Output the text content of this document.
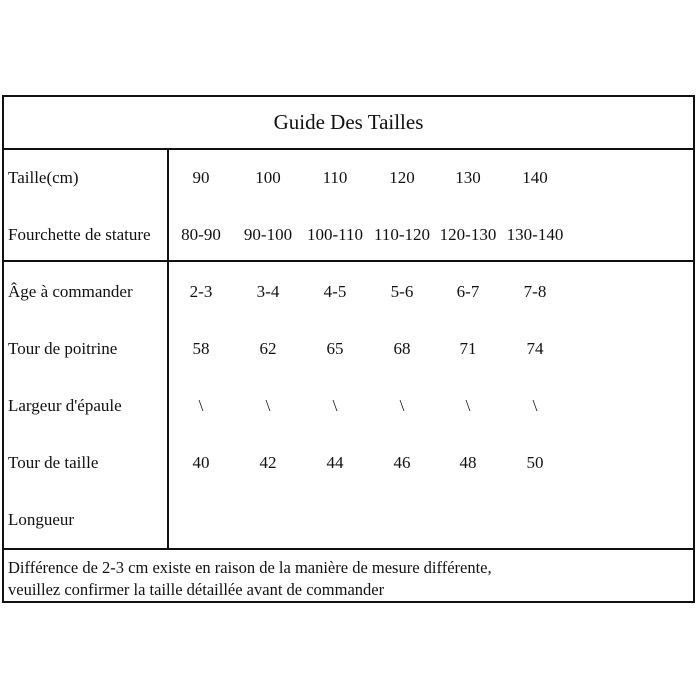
Guide Des Tailles
Différence de 2-3 cm existe en raison de la manière de mesure différente,
veuillez confirmer la taille détaillée avant de commander
Taille(cm)	90	100 110 120 130 140
Fourchette de stature 80-90 90-100 100-110 110-120 120-130 130-140
Âge à commander	2-3	3-4	4-5	5-6	6-7	7-8
Tour de poitrine	58	62	65	68	71	74
Largeur d'épaule	\	\	\	\	\	\
Tour de taille	40	42	44	46	48	50
Longueur
